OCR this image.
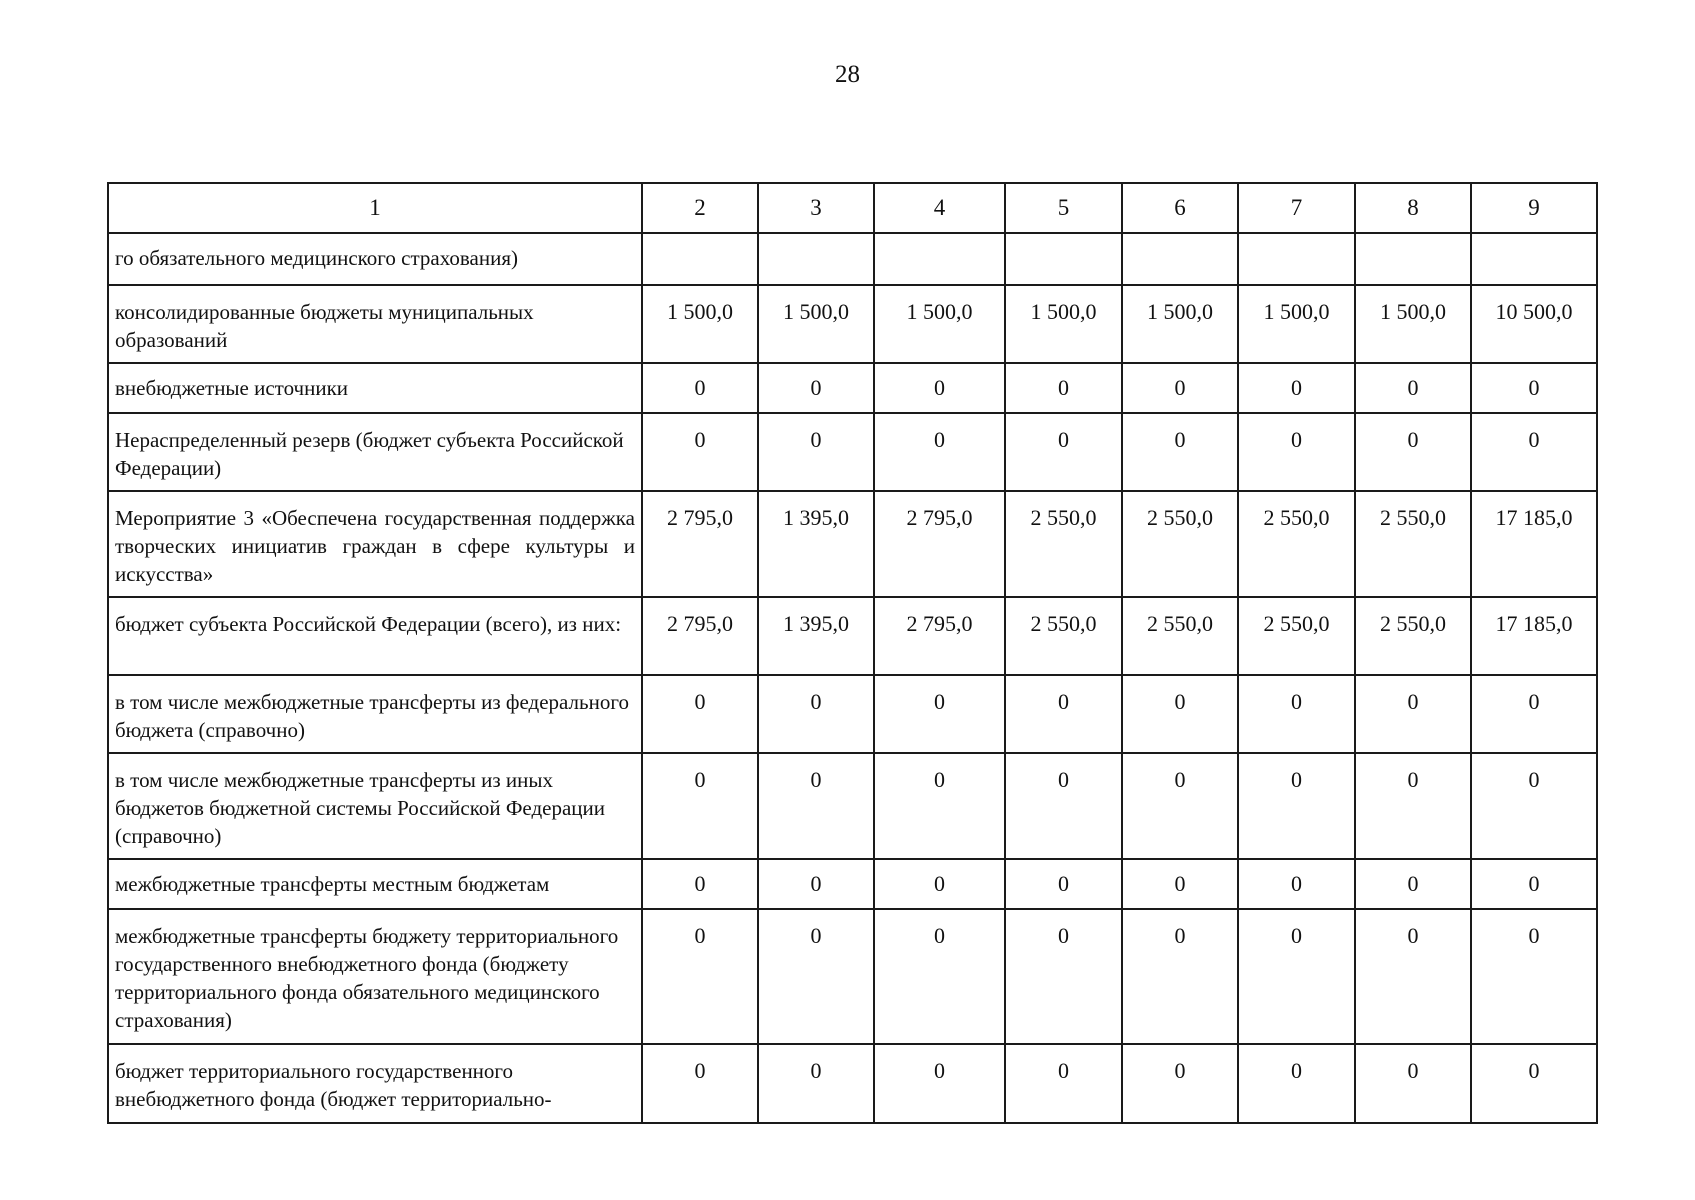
28
1	2	3	4	5	6	7	8	9
го обязательного медицинского страхования)								
консолидированные бюджеты муниципальных образований	1 500,0	1 500,0	1 500,0	1 500,0	1 500,0	1 500,0	1 500,0	10 500,0
внебюджетные источники	0	0	0	0	0	0	0	0
Нераспределенный резерв (бюджет субъекта Российской Федерации)	0	0	0	0	0	0	0	0
Мероприятие 3 «Обеспечена государственная поддержка творческих инициатив граждан в сфере культуры и искусства»	2 795,0	1 395,0	2 795,0	2 550,0	2 550,0	2 550,0	2 550,0	17 185,0
бюджет субъекта Российской Федерации (всего), из них:	2 795,0	1 395,0	2 795,0	2 550,0	2 550,0	2 550,0	2 550,0	17 185,0
в том числе межбюджетные трансферты из федерального бюджета (справочно)	0	0	0	0	0	0	0	0
в том числе межбюджетные трансферты из иных бюджетов бюджетной системы Российской Федерации (справочно)	0	0	0	0	0	0	0	0
межбюджетные трансферты местным бюджетам	0	0	0	0	0	0	0	0
межбюджетные трансферты бюджету территориального государственного внебюджетного фонда (бюджету территориального фонда обязательного медицинского страхования)	0	0	0	0	0	0	0	0
бюджет территориального государственного внебюджетного фонда (бюджет территориально-	0	0	0	0	0	0	0	0
